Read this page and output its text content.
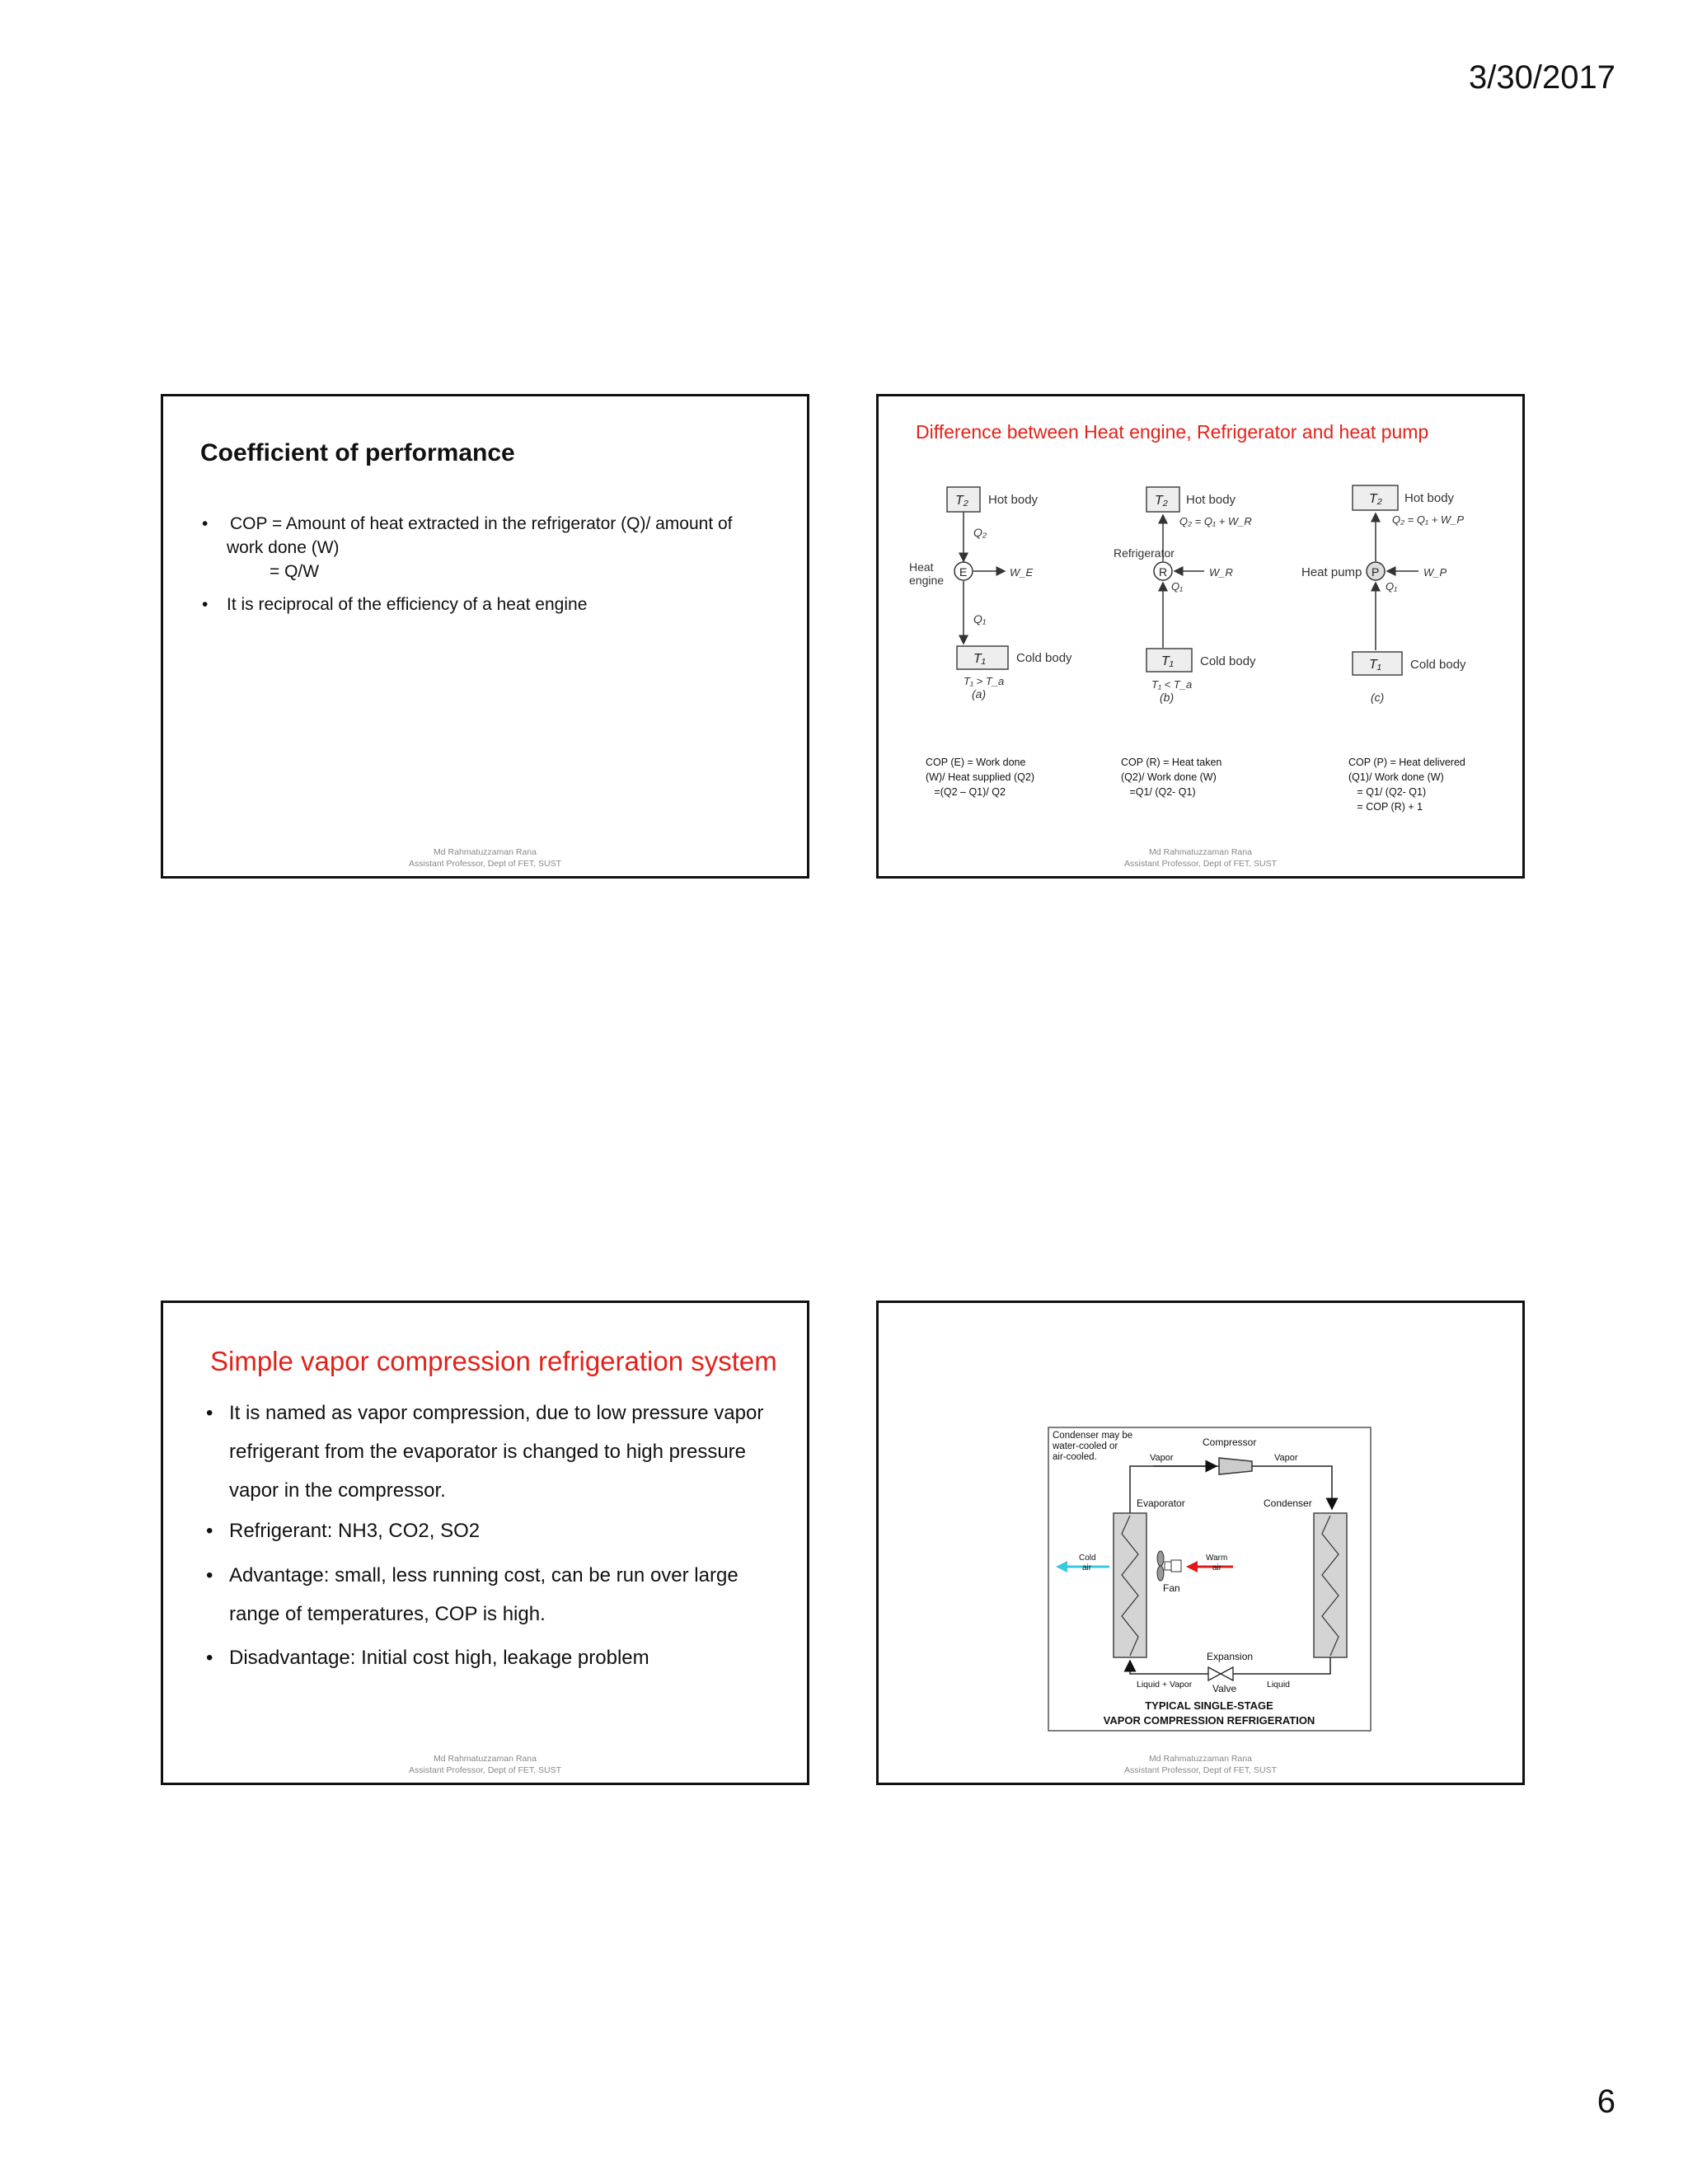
3/30/2017
Coefficient of performance
• COP = Amount of heat extracted in the refrigerator (Q)/ amount of
work done (W)
= Q/W
• It is reciprocal of the efficiency of a heat engine
Md Rahmatuzzaman Rana
Assistant Professor, Dept of FET, SUST
Difference between Heat engine, Refrigerator and heat pump
T₂ Hot body
Q₂
E
Heat
engine
W_E
Q₁
T₁ Cold body
T₁ > T_a
(a)
T₂ Hot body
Q₂ = Q₁ + W_R
Refrigerator
R	W_R
Q₁
T₁ Cold body
T₁ < T_a
(b)
T₂ Hot body
Q₂ = Q₁ + W_P
Heat pump P	W_P
Q₁
T₁ Cold body
(c)
COP (E) = Work done
(W)/ Heat supplied (Q2)
=(Q2 – Q1)/ Q2
COP (R) = Heat taken
(Q2)/ Work done (W)
=Q1/ (Q2- Q1)
COP (P) = Heat delivered
(Q1)/ Work done (W)
= Q1/ (Q2- Q1)
= COP (R) + 1
Md Rahmatuzzaman Rana
Assistant Professor, Dept of FET, SUST
Simple vapor compression refrigeration system
• It is named as vapor compression, due to low pressure vapor
refrigerant from the evaporator is changed to high pressure
vapor in the compressor.
• Refrigerant: NH3, CO2, SO2
• Advantage: small, less running cost, can be run over large
range of temperatures, COP is high.
• Disadvantage: Initial cost high, leakage problem
Md Rahmatuzzaman Rana
Assistant Professor, Dept of FET, SUST
Condenser may be
water-cooled or
air-cooled.
Compressor
Vapor	Vapor
Evaporator	Condenser
Expansion
Valve
Liquid + Vapor	Liquid
Cold
air
Fan
Warm
air
TYPICAL SINGLE-STAGE
VAPOR COMPRESSION REFRIGERATION
Md Rahmatuzzaman Rana
Assistant Professor, Dept of FET, SUST
6
